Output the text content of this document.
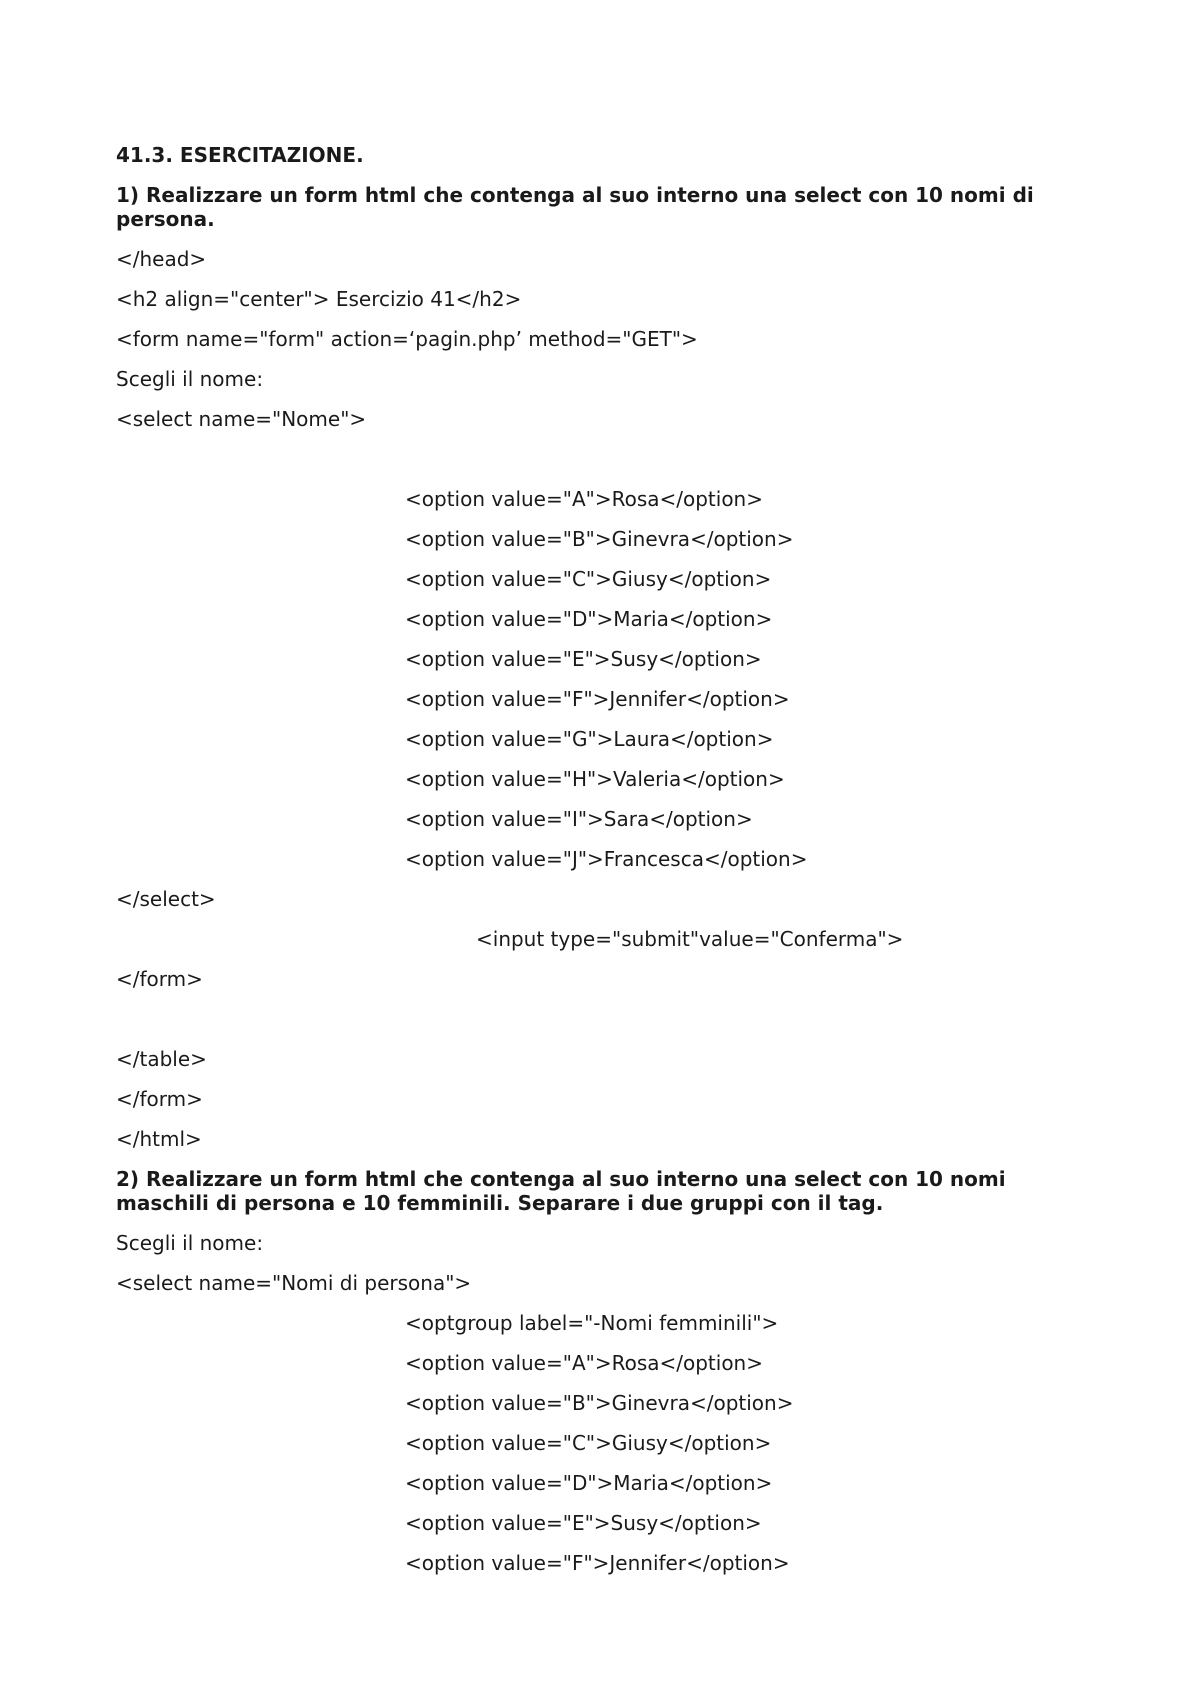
41.3. ESERCITAZIONE.
1) Realizzare un form html che contenga al suo interno una select con 10 nomi di persona.
</head>
<h2 align="center"> Esercizio 41</h2>
<form name="form" action=‘pagin.php’ method="GET">
Scegli il nome:
<select name="Nome">
<option value="A">Rosa</option>
<option value="B">Ginevra</option>
<option value="C">Giusy</option>
<option value="D">Maria</option>
<option value="E">Susy</option>
<option value="F">Jennifer</option>
<option value="G">Laura</option>
<option value="H">Valeria</option>
<option value="I">Sara</option>
<option value="J">Francesca</option>
</select>
<input type="submit"value="Conferma">
</form>
</table>
</form>
</html>
2) Realizzare un form html che contenga al suo interno una select con 10 nomi maschili di persona e 10 femminili. Separare i due gruppi con il tag.
Scegli il nome:
<select name="Nomi di persona">
<optgroup label="-Nomi femminili">
<option value="A">Rosa</option>
<option value="B">Ginevra</option>
<option value="C">Giusy</option>
<option value="D">Maria</option>
<option value="E">Susy</option>
<option value="F">Jennifer</option>
